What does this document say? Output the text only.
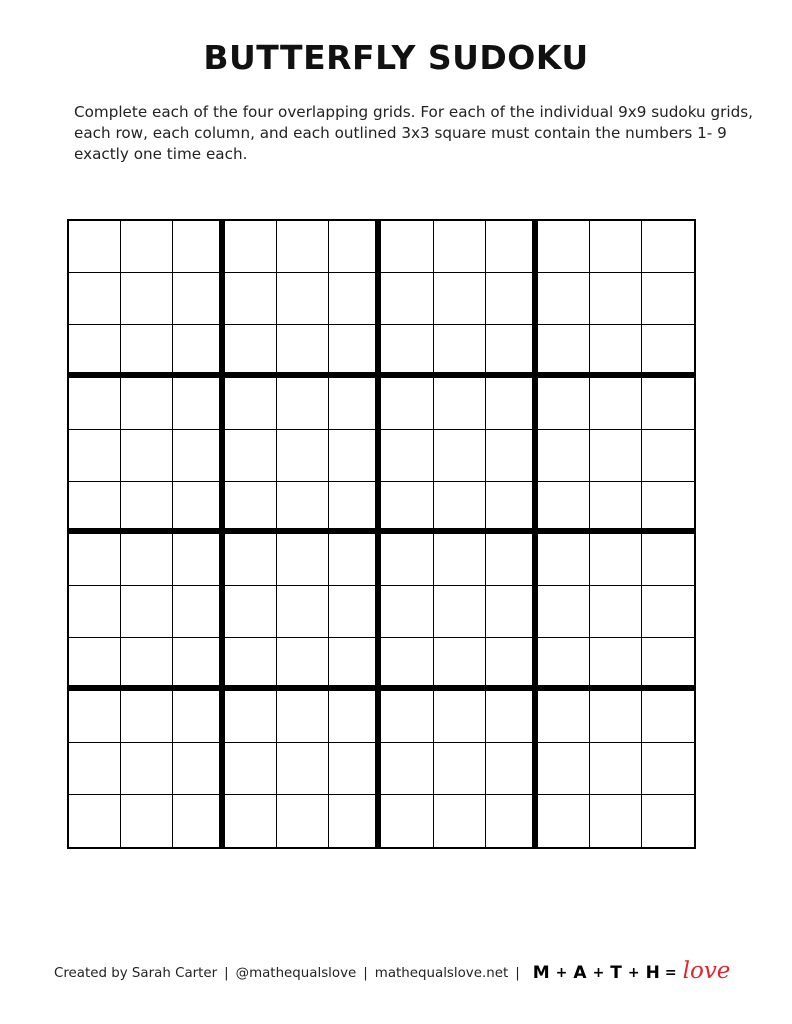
BUTTERFLY SUDOKU
Complete each of the four overlapping grids. For each of the individual 9x9 sudoku grids, each row, each column, and each outlined 3x3 square must contain the numbers 1- 9 exactly one time each.
Created by Sarah Carter | @mathequalslove | mathequalslove.net | M + A + T + H = love
